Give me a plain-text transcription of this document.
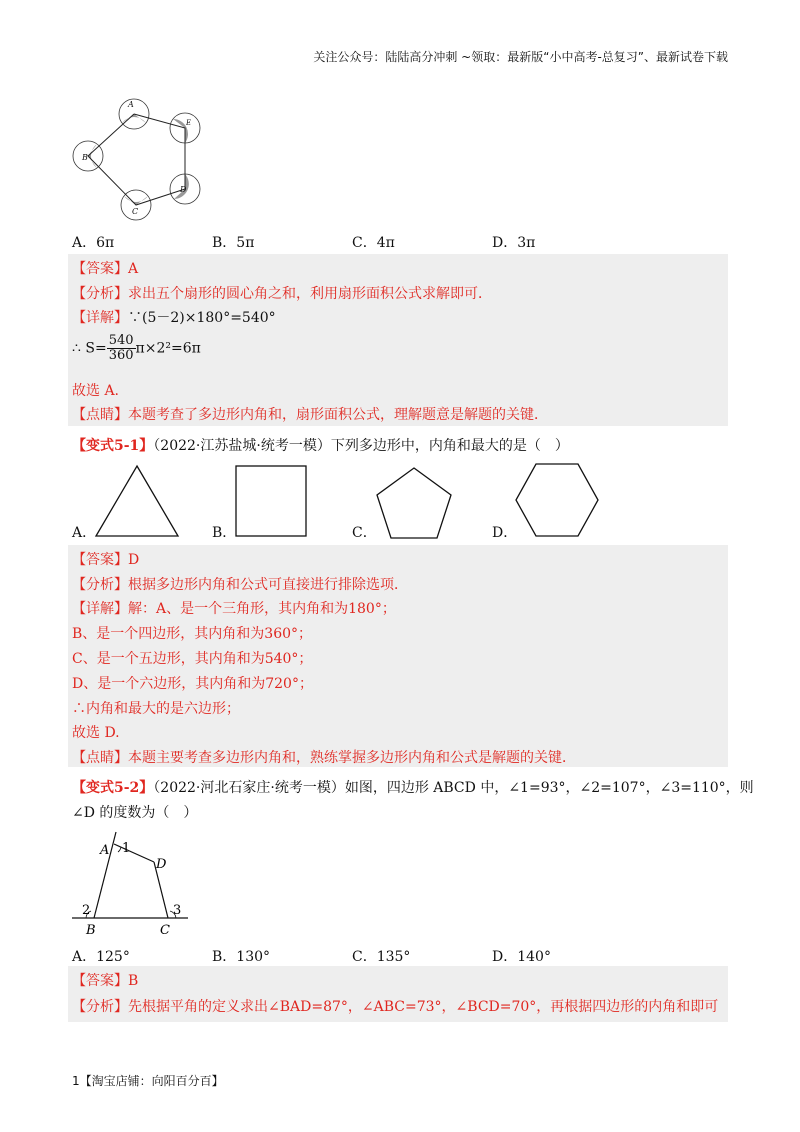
关注公众号：陆陆高分冲刺 ~领取：最新版“小中高考-总复习”、最新试卷下载
A
E
D
C
B
A．6π	B．5π	C．4π	D．3π
【答案】A
【分析】求出五个扇形的圆心角之和，利用扇形面积公式求解即可．
【详解】∵(5－2)×180°=540°
∴ $S= \frac{540}{360} \pi\times 2^2=6\pi$
故选 A.
【点睛】本题考查了多边形内角和，扇形面积公式，理解题意是解题的关键．
【变式5-1】（2022·江苏盐城·统考一模）下列多边形中，内角和最大的是（　）
A．	B．	C．	D．
【答案】D
【分析】根据多边形内角和公式可直接进行排除选项．
【详解】解：A、是一个三角形，其内角和为180°；
B、是一个四边形，其内角和为360°；
C、是一个五边形，其内角和为540°；
D、是一个六边形，其内角和为720°；
∴内角和最大的是六边形；
故选 D.
【点睛】本题主要考查多边形内角和，熟练掌握多边形内角和公式是解题的关键．
【变式5-2】（2022·河北石家庄·统考一模）如图，四边形 ABCD 中，∠1=93°，∠2=107°，∠3=110°，则
∠D 的度数为（　）
A 1
D
2	3
B	C
A．125°	B．130°	C．135°	D．140°
【答案】B
【分析】先根据平角的定义求出∠BAD=87°，∠ABC=73°，∠BCD=70°，再根据四边形的内角和即可
1【淘宝店铺：向阳百分百】
